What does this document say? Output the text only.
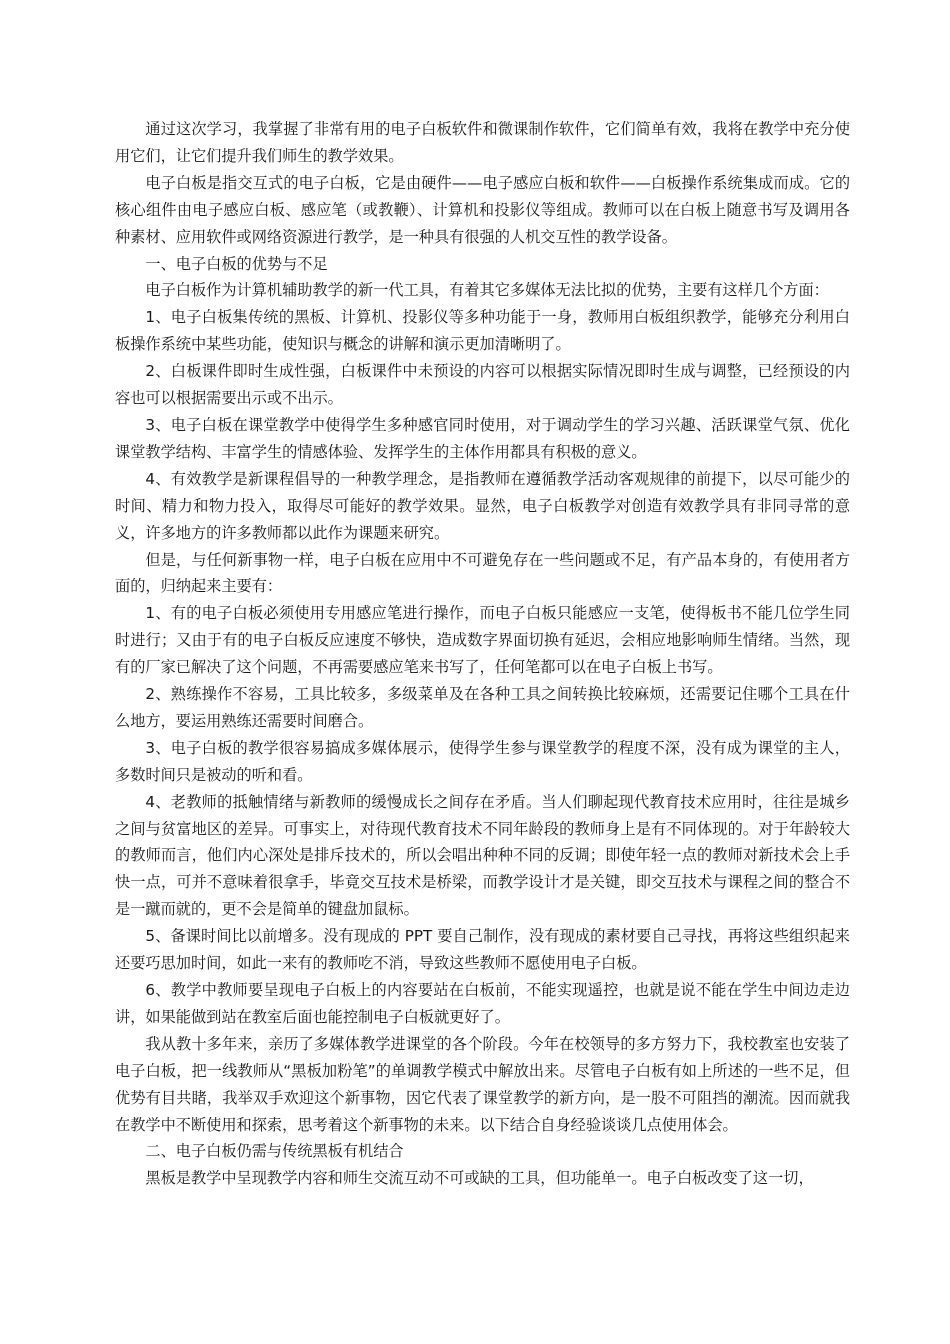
通过这次学习，我掌握了非常有用的电子白板软件和微课制作软件，它们简单有效，我将在教学中充分使用它们，让它们提升我们师生的教学效果。

电子白板是指交互式的电子白板，它是由硬件——电子感应白板和软件——白板操作系统集成而成。它的核心组件由电子感应白板、感应笔（或教鞭）、计算机和投影仪等组成。教师可以在白板上随意书写及调用各种素材、应用软件或网络资源进行教学，是一种具有很强的人机交互性的教学设备。

一、电子白板的优势与不足

电子白板作为计算机辅助教学的新一代工具，有着其它多媒体无法比拟的优势，主要有这样几个方面：

1、电子白板集传统的黑板、计算机、投影仪等多种功能于一身，教师用白板组织教学，能够充分利用白板操作系统中某些功能，使知识与概念的讲解和演示更加清晰明了。

2、白板课件即时生成性强，白板课件中未预设的内容可以根据实际情况即时生成与调整，已经预设的内容也可以根据需要出示或不出示。

3、电子白板在课堂教学中使得学生多种感官同时使用，对于调动学生的学习兴趣、活跃课堂气氛、优化课堂教学结构、丰富学生的情感体验、发挥学生的主体作用都具有积极的意义。

4、有效教学是新课程倡导的一种教学理念，是指教师在遵循教学活动客观规律的前提下，以尽可能少的时间、精力和物力投入，取得尽可能好的教学效果。显然，电子白板教学对创造有效教学具有非同寻常的意义，许多地方的许多教师都以此作为课题来研究。

但是，与任何新事物一样，电子白板在应用中不可避免存在一些问题或不足，有产品本身的，有使用者方面的，归纳起来主要有：

1、有的电子白板必须使用专用感应笔进行操作，而电子白板只能感应一支笔，使得板书不能几位学生同时进行；又由于有的电子白板反应速度不够快，造成数字界面切换有延迟，会相应地影响师生情绪。当然，现有的厂家已解决了这个问题，不再需要感应笔来书写了，任何笔都可以在电子白板上书写。

2、熟练操作不容易，工具比较多，多级菜单及在各种工具之间转换比较麻烦，还需要记住哪个工具在什么地方，要运用熟练还需要时间磨合。

3、电子白板的教学很容易搞成多媒体展示，使得学生参与课堂教学的程度不深，没有成为课堂的主人，多数时间只是被动的听和看。

4、老教师的抵触情绪与新教师的缓慢成长之间存在矛盾。当人们聊起现代教育技术应用时，往往是城乡之间与贫富地区的差异。可事实上，对待现代教育技术不同年龄段的教师身上是有不同体现的。对于年龄较大的教师而言，他们内心深处是排斥技术的，所以会唱出种种不同的反调；即使年轻一点的教师对新技术会上手快一点，可并不意味着很拿手，毕竟交互技术是桥梁，而教学设计才是关键，即交互技术与课程之间的整合不是一蹴而就的，更不会是简单的键盘加鼠标。

5、备课时间比以前增多。没有现成的 PPT 要自己制作，没有现成的素材要自己寻找，再将这些组织起来还要巧思加时间，如此一来有的教师吃不消，导致这些教师不愿使用电子白板。

6、教学中教师要呈现电子白板上的内容要站在白板前，不能实现遥控，也就是说不能在学生中间边走边讲，如果能做到站在教室后面也能控制电子白板就更好了。

我从教十多年来，亲历了多媒体教学进课堂的各个阶段。今年在校领导的多方努力下，我校教室也安装了电子白板，把一线教师从“黑板加粉笔”的单调教学模式中解放出来。尽管电子白板有如上所述的一些不足，但优势有目共睹，我举双手欢迎这个新事物，因它代表了课堂教学的新方向，是一股不可阻挡的潮流。因而就我在教学中不断使用和探索，思考着这个新事物的未来。以下结合自身经验谈谈几点使用体会。

二、电子白板仍需与传统黑板有机结合

黑板是教学中呈现教学内容和师生交流互动不可或缺的工具，但功能单一。电子白板改变了这一切，
